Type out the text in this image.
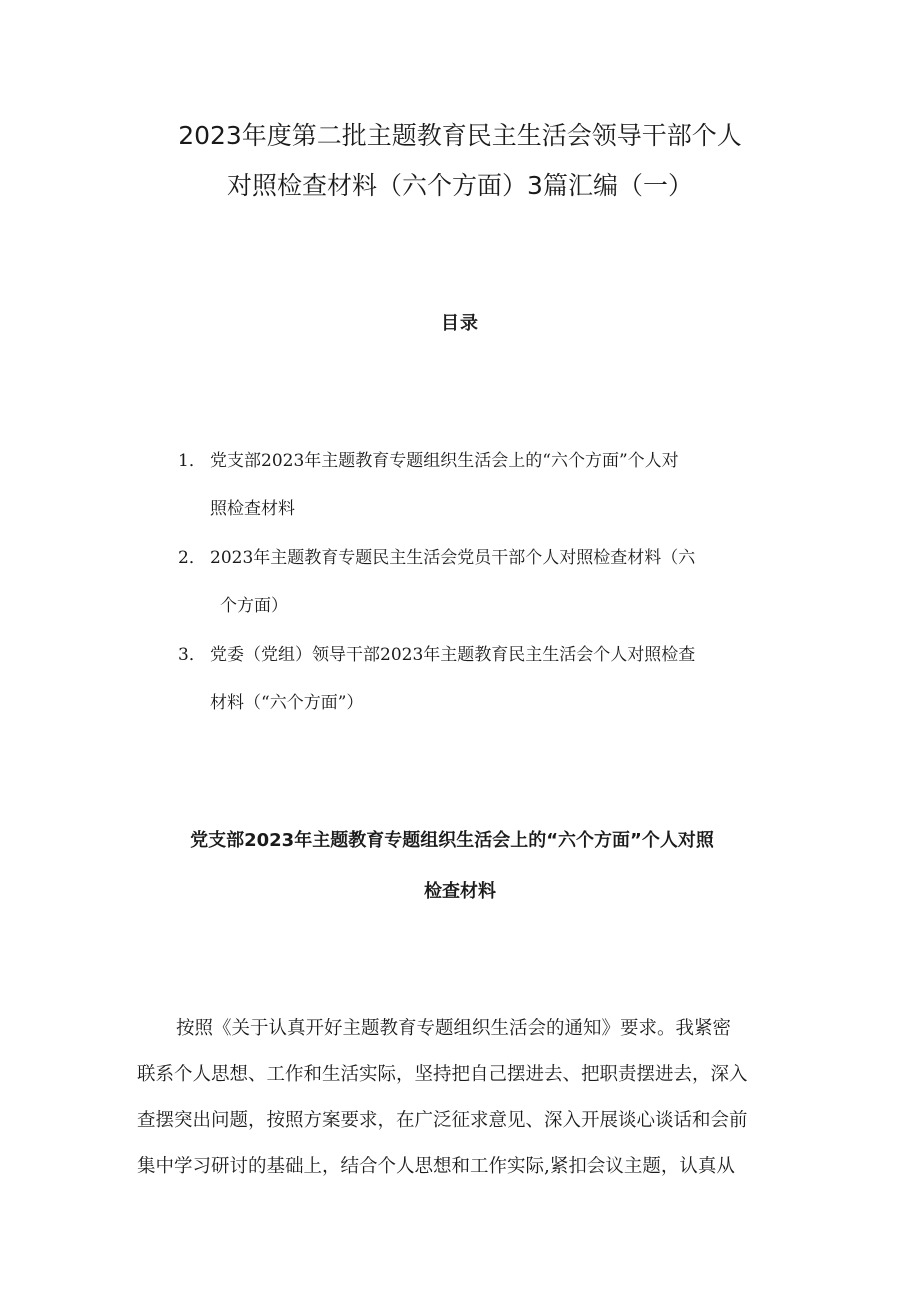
2023年度第二批主题教育民主生活会领导干部个人
对照检查材料（六个方面）3篇汇编（一）
目录
1． 党支部2023年主题教育专题组织生活会上的“六个方面”个人对
照检查材料
2． 2023年主题教育专题民主生活会党员干部个人对照检查材料（六
个方面）
3． 党委（党组）领导干部2023年主题教育民主生活会个人对照检查
材料（“六个方面”）
党支部2023年主题教育专题组织生活会上的“六个方面”个人对照
检查材料
按照《关于认真开好主题教育专题组织生活会的通知》要求。我紧密
联系个人思想、工作和生活实际，坚持把自己摆进去、把职责摆进去，深入
查摆突出问题，按照方案要求，在广泛征求意见、深入开展谈心谈话和会前
集中学习研讨的基础上，结合个人思想和工作实际,紧扣会议主题，认真从
